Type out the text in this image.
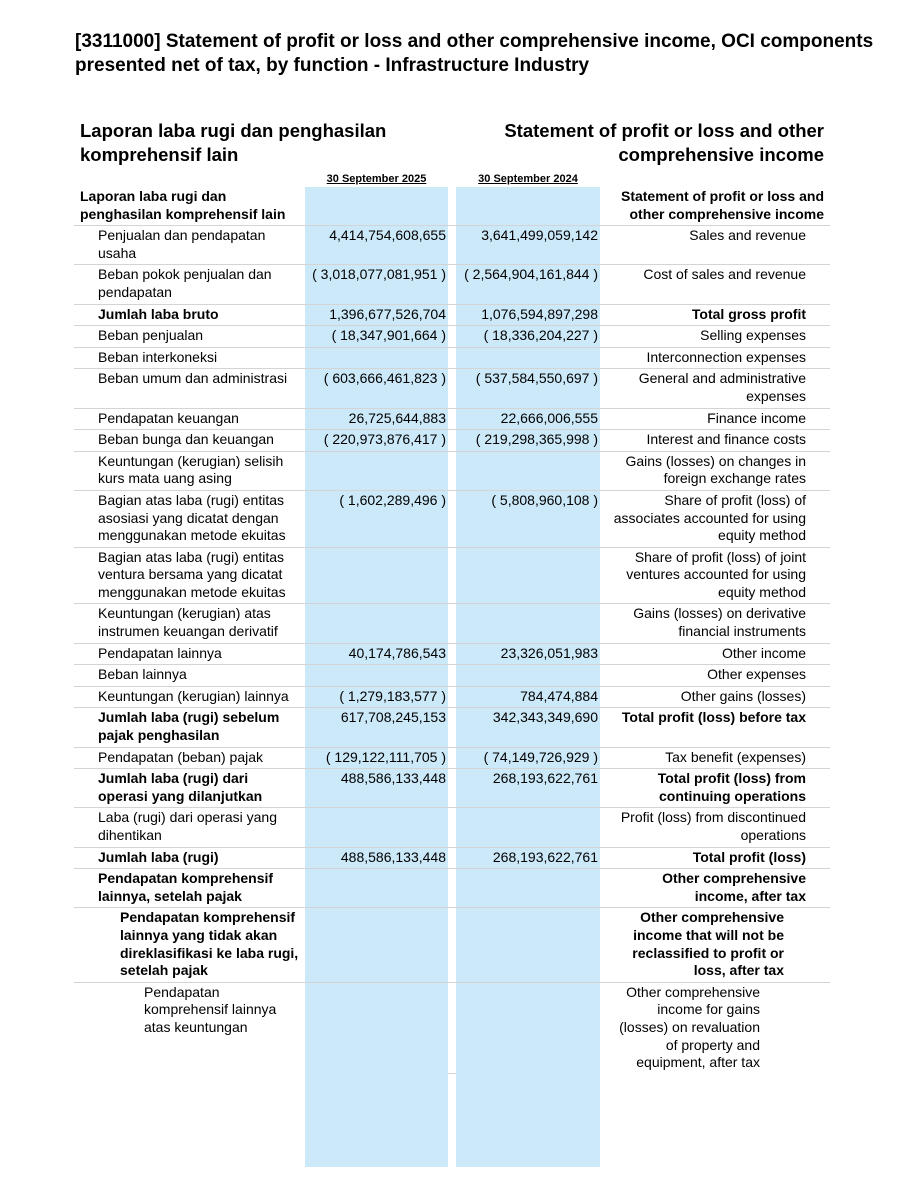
[3311000] Statement of profit or loss and other comprehensive income, OCI components presented net of tax, by function - Infrastructure Industry
Laporan laba rugi dan penghasilan komprehensif lain
Statement of profit or loss and other comprehensive income
30 September 2025	30 September 2024
Laporan laba rugi dan penghasilan komprehensif lain				Statement of profit or loss and other comprehensive income
Penjualan dan pendapatan usaha	4,414,754,608,655		3,641,499,059,142	Sales and revenue
Beban pokok penjualan dan pendapatan	( 3,018,077,081,951 )		( 2,564,904,161,844 )	Cost of sales and revenue
Jumlah laba bruto	1,396,677,526,704		1,076,594,897,298	Total gross profit
Beban penjualan	( 18,347,901,664 )		( 18,336,204,227 )	Selling expenses
Beban interkoneksi				Interconnection expenses
Beban umum dan administrasi	( 603,666,461,823 )		( 537,584,550,697 )	General and administrative expenses
Pendapatan keuangan	26,725,644,883		22,666,006,555	Finance income
Beban bunga dan keuangan	( 220,973,876,417 )		( 219,298,365,998 )	Interest and finance costs
Keuntungan (kerugian) selisih kurs mata uang asing				Gains (losses) on changes in foreign exchange rates
Bagian atas laba (rugi) entitas asosiasi yang dicatat dengan menggunakan metode ekuitas	( 1,602,289,496 )		( 5,808,960,108 )	Share of profit (loss) of associates accounted for using equity method
Bagian atas laba (rugi) entitas ventura bersama yang dicatat menggunakan metode ekuitas				Share of profit (loss) of joint ventures accounted for using equity method
Keuntungan (kerugian) atas instrumen keuangan derivatif				Gains (losses) on derivative financial instruments
Pendapatan lainnya	40,174,786,543		23,326,051,983	Other income
Beban lainnya				Other expenses
Keuntungan (kerugian) lainnya	( 1,279,183,577 )		784,474,884	Other gains (losses)
Jumlah laba (rugi) sebelum pajak penghasilan	617,708,245,153		342,343,349,690	Total profit (loss) before tax
Pendapatan (beban) pajak	( 129,122,111,705 )		( 74,149,726,929 )	Tax benefit (expenses)
Jumlah laba (rugi) dari operasi yang dilanjutkan	488,586,133,448		268,193,622,761	Total profit (loss) from continuing operations
Laba (rugi) dari operasi yang dihentikan				Profit (loss) from discontinued operations
Jumlah laba (rugi)	488,586,133,448		268,193,622,761	Total profit (loss)
Pendapatan komprehensif lainnya, setelah pajak				Other comprehensive income, after tax
Pendapatan komprehensif lainnya yang tidak akan direklasifikasi ke laba rugi, setelah pajak				Other comprehensive income that will not be reclassified to profit or loss, after tax
Pendapatan komprehensif lainnya atas keuntungan				Other comprehensive income for gains (losses) on revaluation of property and equipment, after tax
